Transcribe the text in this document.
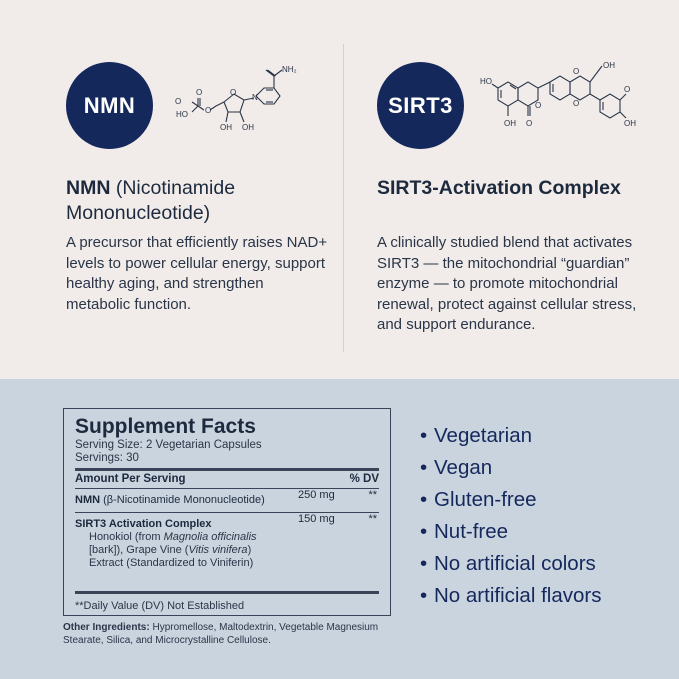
NMN	O
O
HO O
O
N
NH₂
OH OH
NMN (Nicotinamide Mononucleotide)
A precursor that efficiently raises NAD+ levels to power cellular energy, support healthy aging, and strengthen metabolic function.
SIRT3
HO
O
O
O
OH
OH
O
O
OH
SIRT3-Activation Complex
A clinically studied blend that activates SIRT3 — the mitochondrial “guardian” enzyme — to promote mitochondrial renewal, protect against cellular stress, and support endurance.
Supplement Facts
Serving Size: 2 Vegetarian Capsules
Servings: 30
Amount Per Serving	% DV
NMN (β-Nicotinamide Mononucleotide)	250 mg	**
SIRT3 Activation Complex	150 mg	**
Honokiol (from Magnolia officinalis [bark]), Grape Vine (Vitis vinifera) Extract (Standardized to Viniferin)
**Daily Value (DV) Not Established
Other Ingredients: Hypromellose, Maltodextrin, Vegetable Magnesium Stearate, Silica, and Microcrystalline Cellulose.
• Vegetarian
• Vegan
• Gluten-free
• Nut-free
• No artificial colors
• No artificial flavors
